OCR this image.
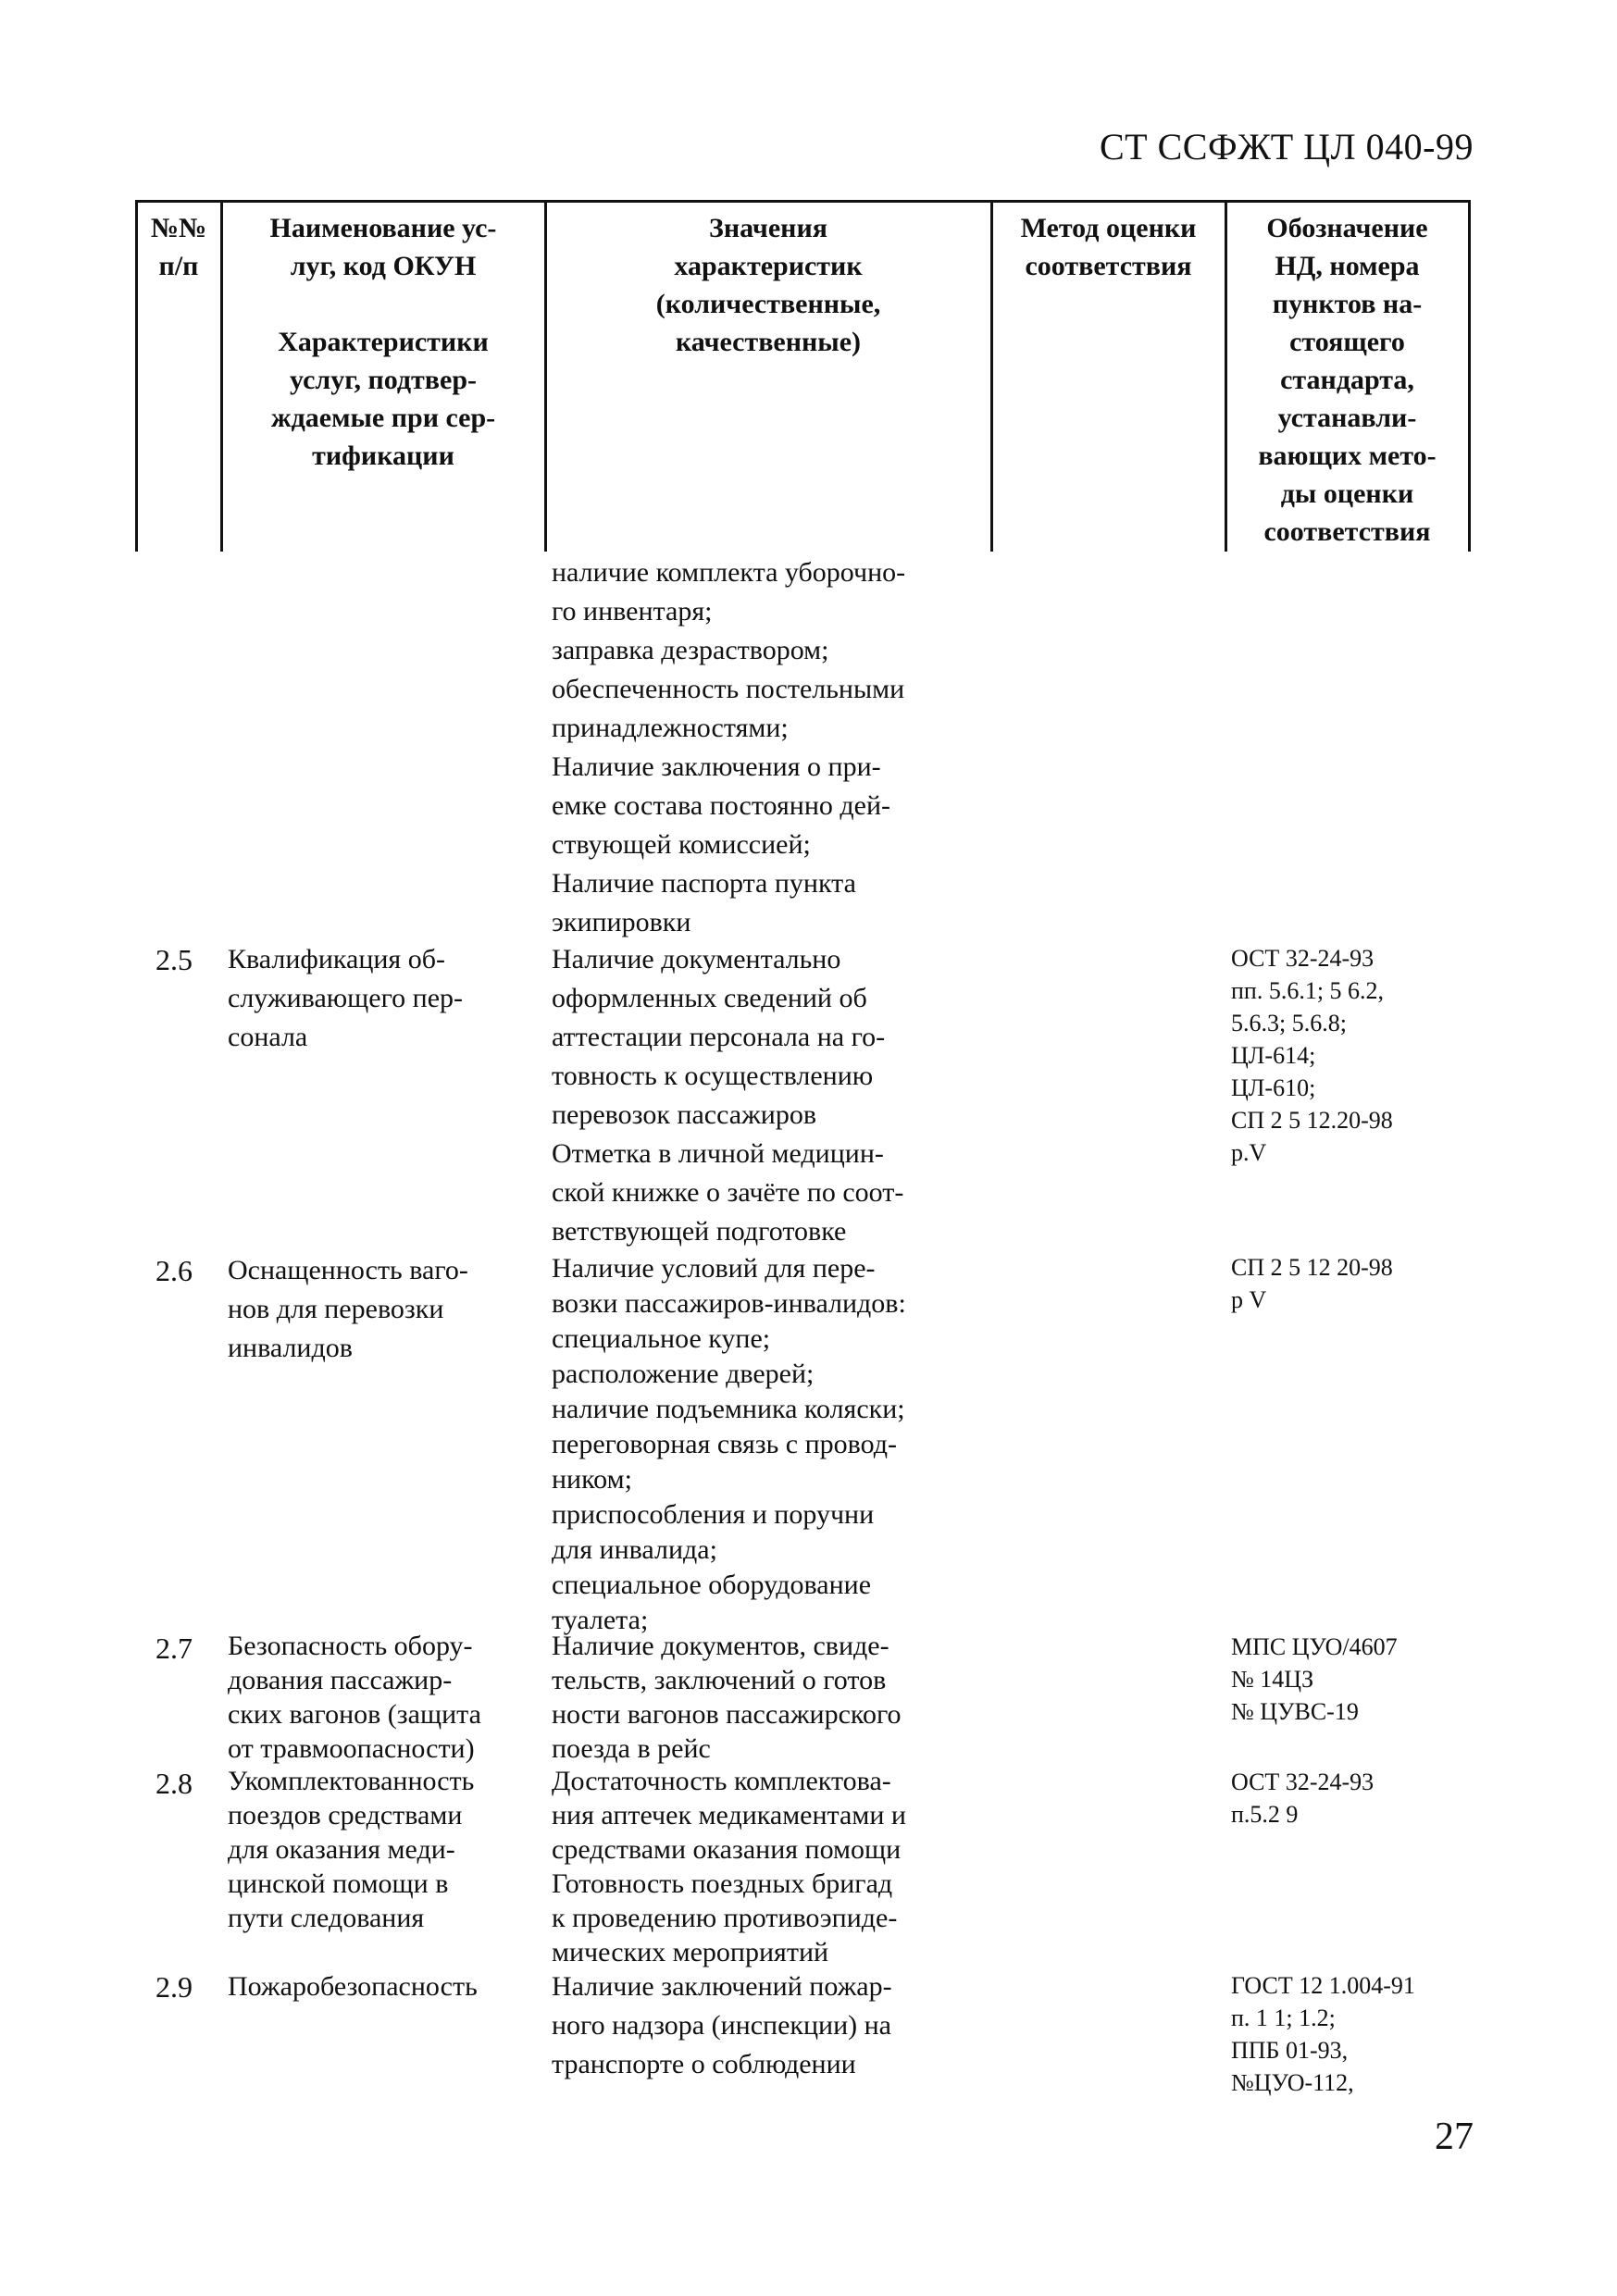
СТ ССФЖТ ЦЛ 040-99
27
№№
п/п
Наименование ус-
луг, код ОКУН
Характеристики
услуг, подтвер-
ждаемые при сер-
тификации
Значения
характеристик
(количественные,
качественные)
Метод оценки
соответствия
Обозначение
НД, номера
пунктов на-
стоящего
стандарта,
устанавли-
вающих мето-
ды оценки
соответствия
наличие комплекта уборочно-
го инвентаря;
заправка дезраствором;
обеспеченность постельными
принадлежностями;
Наличие заключения о при-
емке состава постоянно дей-
ствующей комиссией;
Наличие паспорта пункта
экипировки
2.5 Квалификация об-
служивающего пер-
сонала
Наличие документально
оформленных сведений об
аттестации персонала на го-
товность к осуществлению
перевозок пассажиров
Отметка в личной медицин-
ской книжке о зачёте по соот-
ветствующей подготовке
ОСТ 32-24-93
пп. 5.6.1; 5 6.2,
5.6.3; 5.6.8;
ЦЛ-614;
ЦЛ-610;
СП 2 5 12.20-98
р.V
2.6 Оснащенность ваго-
нов для перевозки
инвалидов
Наличие условий для пере-
возки пассажиров-инвалидов:
специальное купе;
расположение дверей;
наличие подъемника коляски;
переговорная связь с провод-
ником;
приспособления и поручни
для инвалида;
специальное оборудование
туалета;
СП 2 5 12 20-98
р V
2.7 Безопасность обору-
дования пассажир-
ских вагонов (защита
от травмоопасности)
Наличие документов, свиде-
тельств, заключений о готов
ности вагонов пассажирского
поезда в рейс
МПС ЦУО/4607
№ 14ЦЗ
№ ЦУВС-19
2.8 Укомплектованность
поездов средствами
для оказания меди-
цинской помощи в
пути следования
Достаточность комплектова-
ния аптечек медикаментами и
средствами оказания помощи
Готовность поездных бригад
к проведению противоэпиде-
мических мероприятий
ОСТ 32-24-93
п.5.2 9
2.9 Пожаробезопасность	Наличие заключений пожар-
ного надзора (инспекции) на
транспорте о соблюдении
ГОСТ 12 1.004-91
п. 1 1; 1.2;
ППБ 01-93,
№ЦУО-112,
